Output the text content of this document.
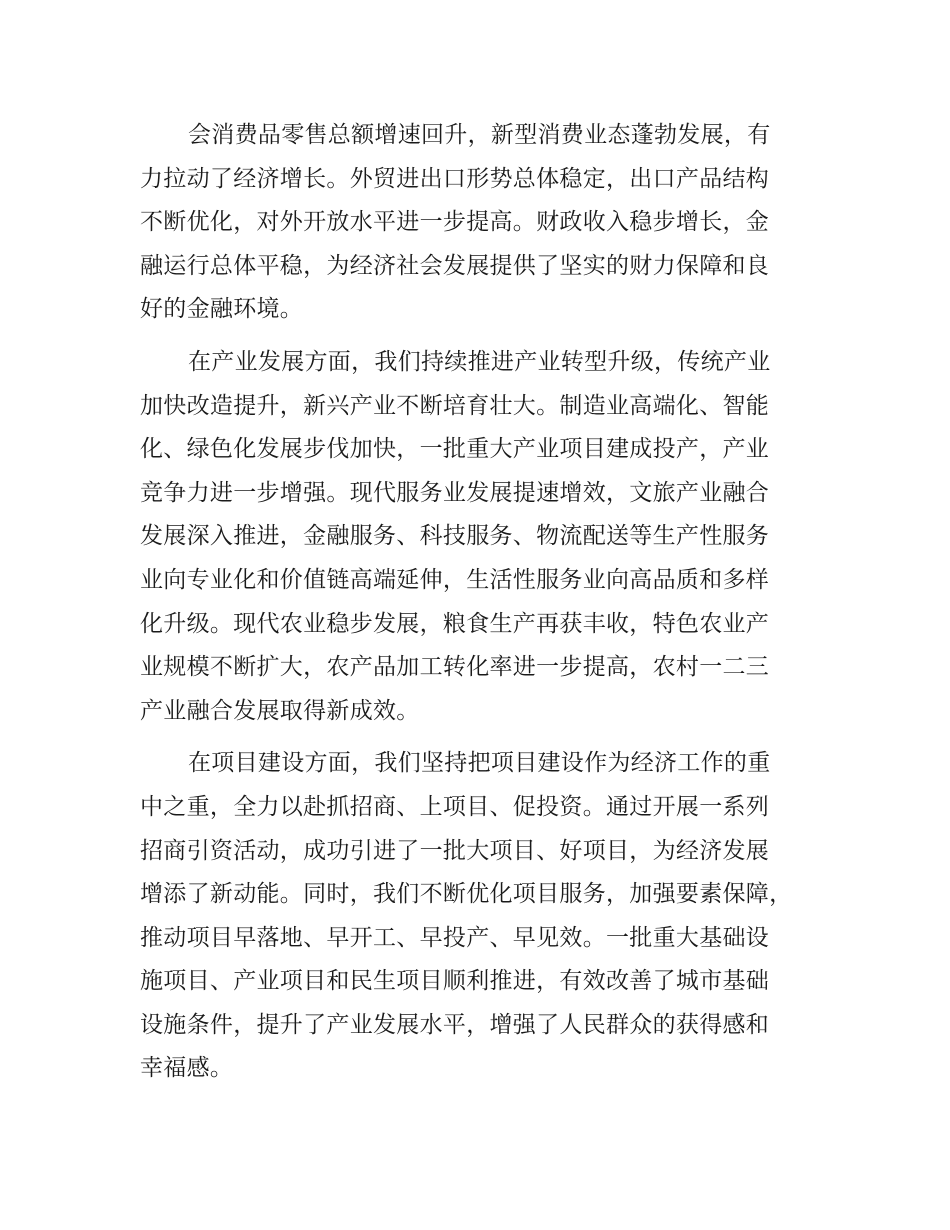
会消费品零售总额增速回升，新型消费业态蓬勃发展，有
力拉动了经济增长。外贸进出口形势总体稳定，出口产品结构
不断优化，对外开放水平进一步提高。财政收入稳步增长，金
融运行总体平稳，为经济社会发展提供了坚实的财力保障和良
好的金融环境。

在产业发展方面，我们持续推进产业转型升级，传统产业
加快改造提升，新兴产业不断培育壮大。制造业高端化、智能
化、绿色化发展步伐加快，一批重大产业项目建成投产，产业
竞争力进一步增强。现代服务业发展提速增效，文旅产业融合
发展深入推进，金融服务、科技服务、物流配送等生产性服务
业向专业化和价值链高端延伸，生活性服务业向高品质和多样
化升级。现代农业稳步发展，粮食生产再获丰收，特色农业产
业规模不断扩大，农产品加工转化率进一步提高，农村一二三
产业融合发展取得新成效。

在项目建设方面，我们坚持把项目建设作为经济工作的重
中之重，全力以赴抓招商、上项目、促投资。通过开展一系列
招商引资活动，成功引进了一批大项目、好项目，为经济发展
增添了新动能。同时，我们不断优化项目服务，加强要素保障，
推动项目早落地、早开工、早投产、早见效。一批重大基础设
施项目、产业项目和民生项目顺利推进，有效改善了城市基础
设施条件，提升了产业发展水平，增强了人民群众的获得感和
幸福感。
